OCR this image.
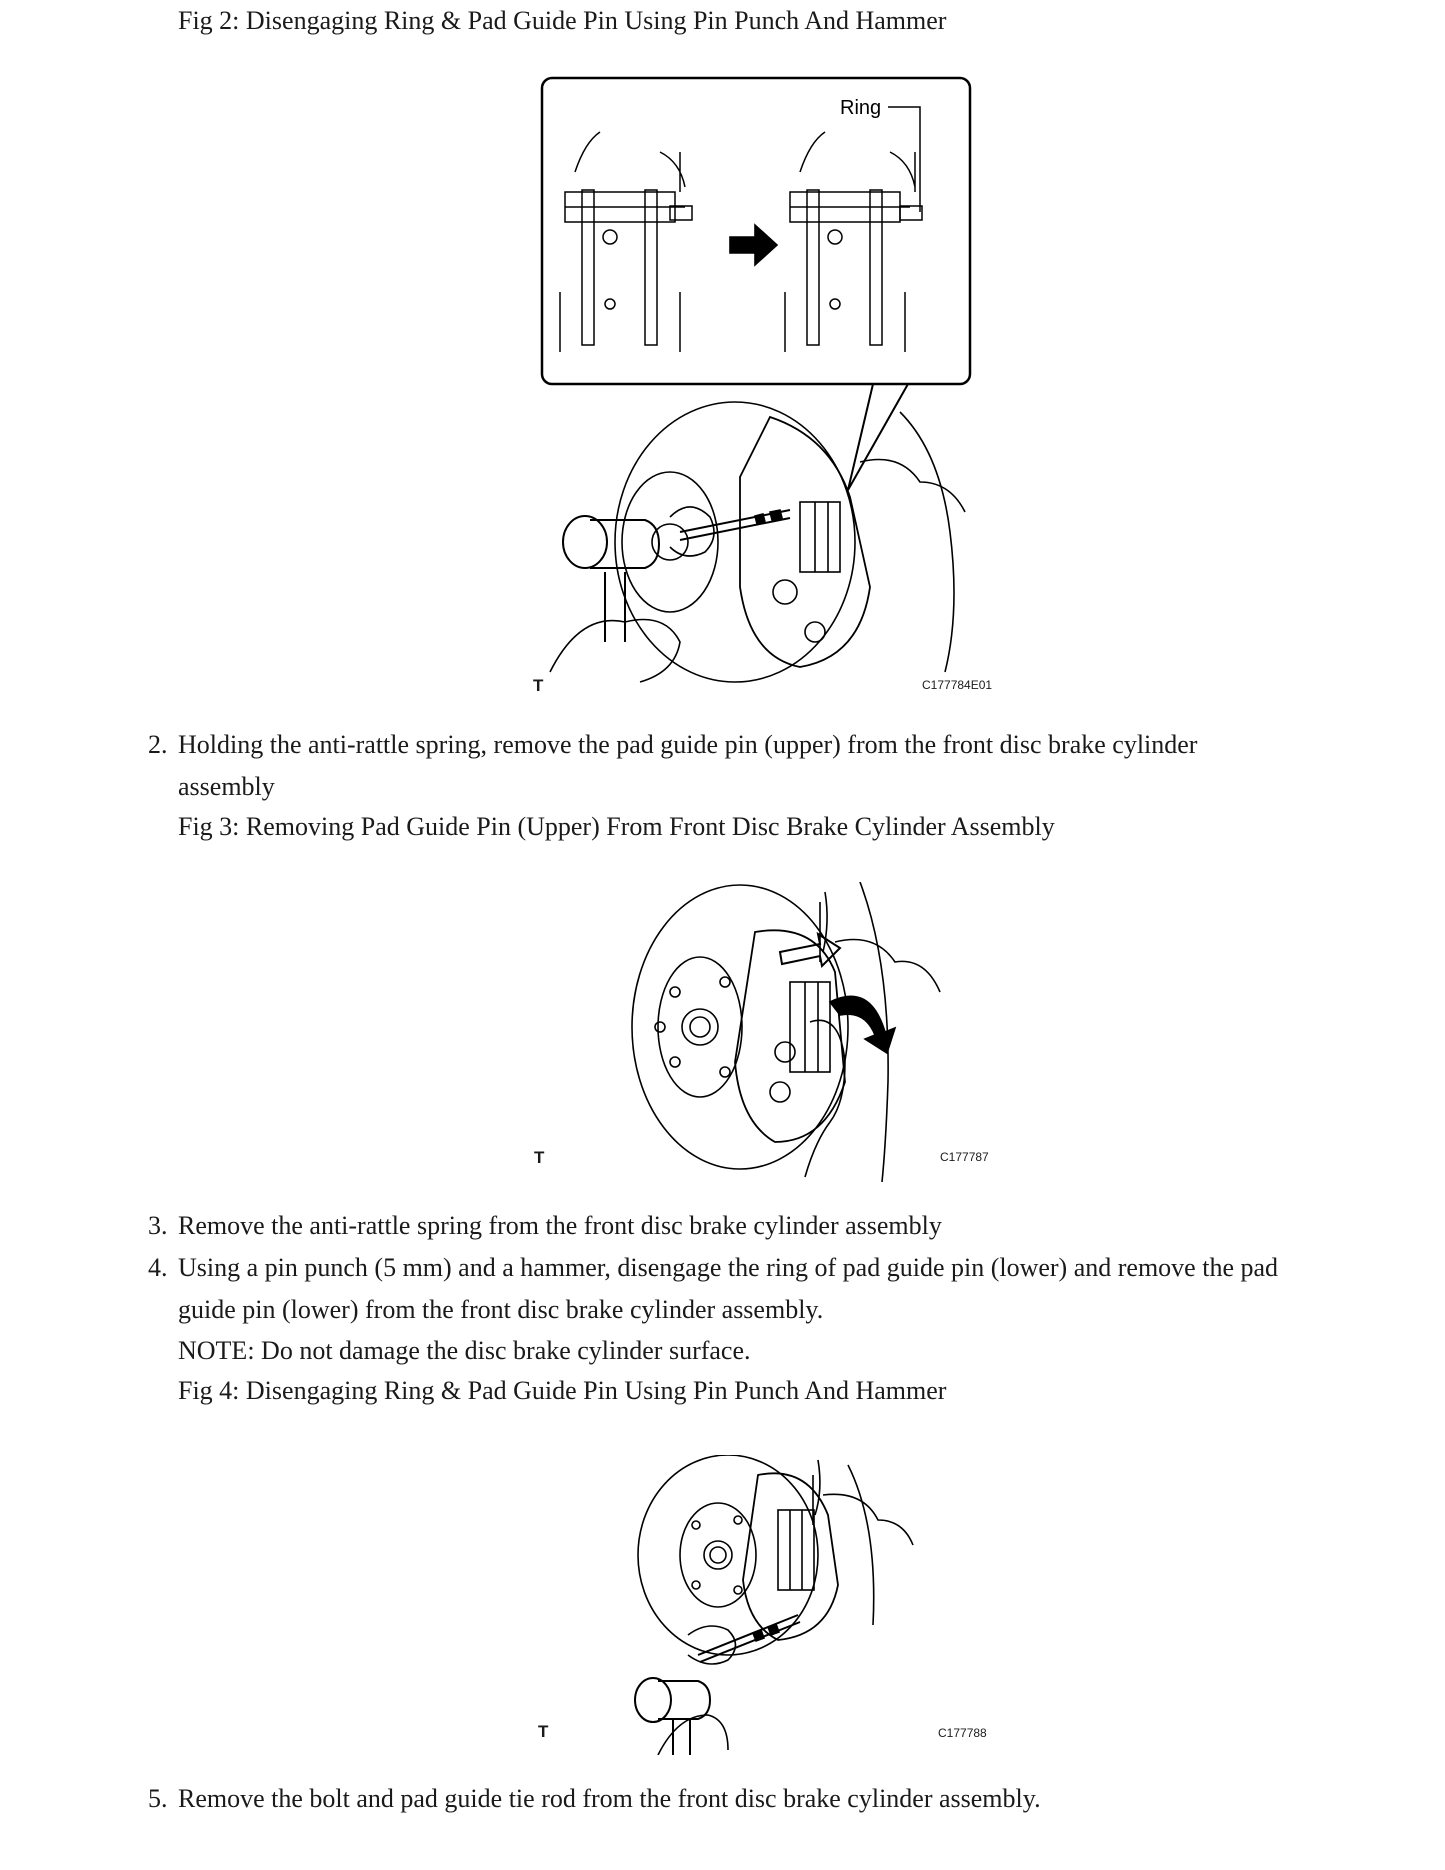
Fig 2: Disengaging Ring & Pad Guide Pin Using Pin Punch And Hammer
Ring
T	C177784E01
2. Holding the anti-rattle spring, remove the pad guide pin (upper) from the front disc brake cylinder
assembly
Fig 3: Removing Pad Guide Pin (Upper) From Front Disc Brake Cylinder Assembly
T	C177787
3. Remove the anti-rattle spring from the front disc brake cylinder assembly
4. Using a pin punch (5 mm) and a hammer, disengage the ring of pad guide pin (lower) and remove the pad
guide pin (lower) from the front disc brake cylinder assembly.
NOTE: Do not damage the disc brake cylinder surface.
Fig 4: Disengaging Ring & Pad Guide Pin Using Pin Punch And Hammer
T	C177788
5. Remove the bolt and pad guide tie rod from the front disc brake cylinder assembly.
